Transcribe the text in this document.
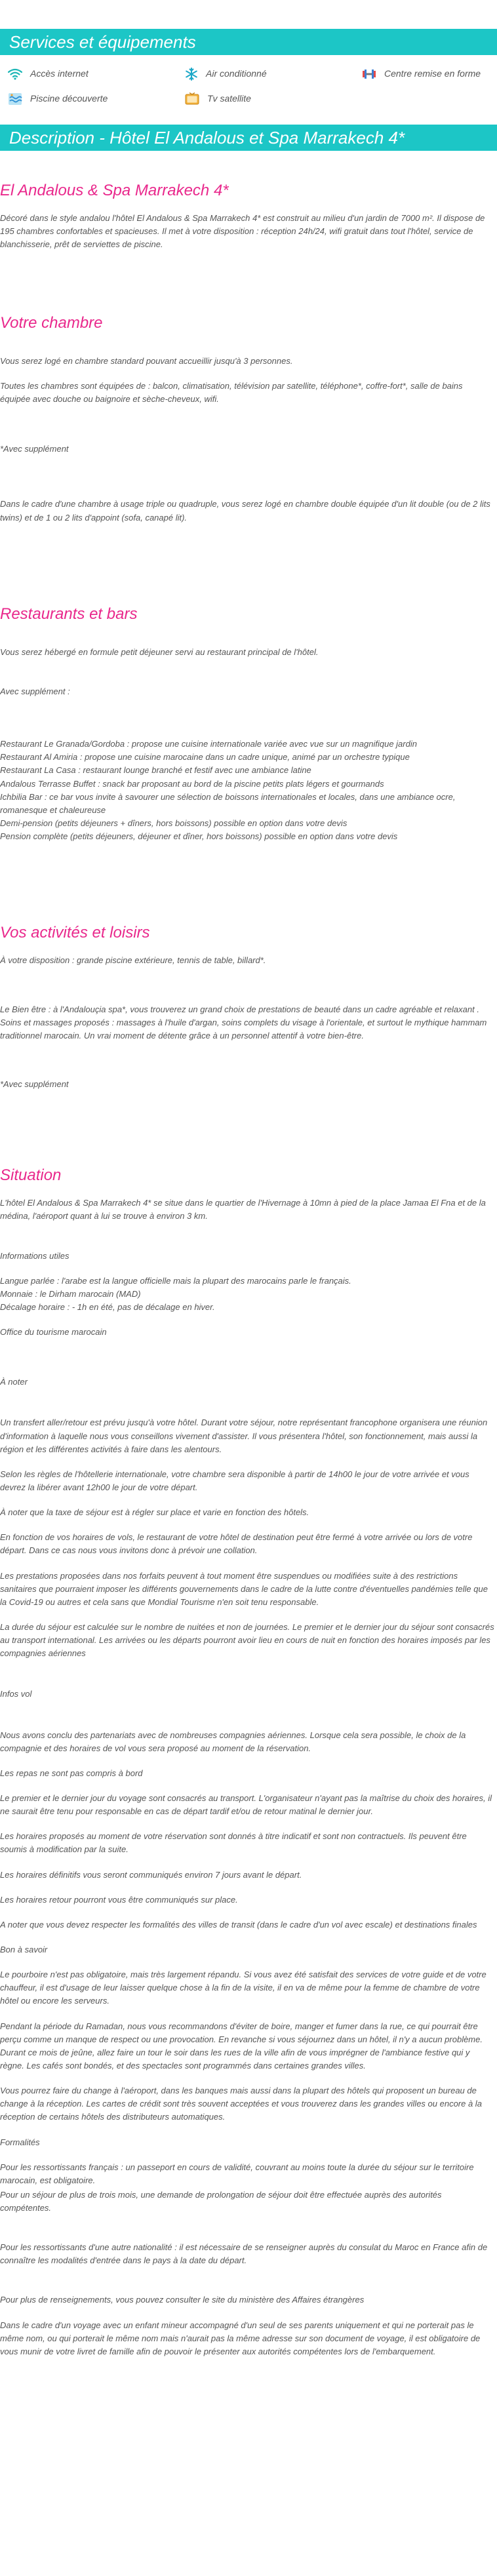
Services et équipements
Accès internet	Air conditionné	Centre remise en forme
Piscine découverte	Tv satellite
Description - Hôtel El Andalous et Spa Marrakech 4*
El Andalous & Spa Marrakech 4*

Décoré dans le style andalou l'hôtel El Andalous & Spa Marrakech 4* est construit au milieu d'un jardin de 7000 m². Il dispose de 195 chambres confortables et spacieuses. Il met à votre disposition : réception 24h/24, wifi gratuit dans tout l'hôtel, service de blanchisserie, prêt de serviettes de piscine.

Votre chambre

Vous serez logé en chambre standard pouvant accueillir jusqu'à 3 personnes.

Toutes les chambres sont équipées de : balcon, climatisation, télévision par satellite, téléphone*, coffre-fort*, salle de bains équipée avec douche ou baignoire et sèche-cheveux, wifi.

*Avec supplément

Dans le cadre d'une chambre à usage triple ou quadruple, vous serez logé en chambre double équipée d'un lit double (ou de 2 lits twins) et de 1 ou 2 lits d'appoint (sofa, canapé lit).

Restaurants et bars

Vous serez hébergé en formule petit déjeuner servi au restaurant principal de l'hôtel.

Avec supplément :

Restaurant Le Granada/Gordoba : propose une cuisine internationale variée avec vue sur un magnifique jardin

Restaurant Al Amiria : propose une cuisine marocaine dans un cadre unique, animé par un orchestre typique

Restaurant La Casa : restaurant lounge branché et festif avec une ambiance latine

Andalous Terrasse Buffet : snack bar proposant au bord de la piscine petits plats légers et gourmands

Ichbilia Bar : ce bar vous invite à savourer une sélection de boissons internationales et locales, dans une ambiance ocre, romanesque et chaleureuse

Demi-pension (petits déjeuners + dîners, hors boissons) possible en option dans votre devis

Pension complète (petits déjeuners, déjeuner et dîner, hors boissons) possible en option dans votre devis

Vos activités et loisirs

À votre disposition : grande piscine extérieure, tennis de table, billard*.

Le Bien être : à l'Andalouçia spa*, vous trouverez un grand choix de prestations de beauté dans un cadre agréable et relaxant . Soins et massages proposés : massages à l'huile d'argan, soins complets du visage à l'orientale, et surtout le mythique hammam traditionnel marocain. Un vrai moment de détente grâce à un personnel attentif à votre bien-être.

*Avec supplément

Situation

L'hôtel El Andalous & Spa Marrakech 4* se situe dans le quartier de l'Hivernage à 10mn à pied de la place Jamaa El Fna et de la médina, l'aéroport quant à lui se trouve à environ 3 km.

Informations utiles

Langue parlée : l'arabe est la langue officielle mais la plupart des marocains parle le français.

Monnaie : le Dirham marocain (MAD)

Décalage horaire : - 1h en été, pas de décalage en hiver.

Office du tourisme marocain

À noter

Un transfert aller/retour est prévu jusqu'à votre hôtel. Durant votre séjour, notre représentant francophone organisera une réunion d'information à laquelle nous vous conseillons vivement d'assister. Il vous présentera l'hôtel, son fonctionnement, mais aussi la région et les différentes activités à faire dans les alentours.

Selon les règles de l'hôtellerie internationale, votre chambre sera disponible à partir de 14h00 le jour de votre arrivée et vous devrez la libérer avant 12h00 le jour de votre départ.

À noter que la taxe de séjour est à régler sur place et varie en fonction des hôtels.

En fonction de vos horaires de vols, le restaurant de votre hôtel de destination peut être fermé à votre arrivée ou lors de votre départ. Dans ce cas nous vous invitons donc à prévoir une collation.

Les prestations proposées dans nos forfaits peuvent à tout moment être suspendues ou modifiées suite à des restrictions sanitaires que pourraient imposer les différents gouvernements dans le cadre de la lutte contre d'éventuelles pandémies telle que la Covid-19 ou autres et cela sans que Mondial Tourisme n'en soit tenu responsable.

La durée du séjour est calculée sur le nombre de nuitées et non de journées. Le premier et le dernier jour du séjour sont consacrés au transport international. Les arrivées ou les départs pourront avoir lieu en cours de nuit en fonction des horaires imposés par les compagnies aériennes

Infos vol

Nous avons conclu des partenariats avec de nombreuses compagnies aériennes. Lorsque cela sera possible, le choix de la compagnie et des horaires de vol vous sera proposé au moment de la réservation.

Les repas ne sont pas compris à bord

Le premier et le dernier jour du voyage sont consacrés au transport. L'organisateur n'ayant pas la maîtrise du choix des horaires, il ne saurait être tenu pour responsable en cas de départ tardif et/ou de retour matinal le dernier jour.

Les horaires proposés au moment de votre réservation sont donnés à titre indicatif et sont non contractuels. Ils peuvent être soumis à modification par la suite.

Les horaires définitifs vous seront communiqués environ 7 jours avant le départ.

Les horaires retour pourront vous être communiqués sur place.

A noter que vous devez respecter les formalités des villes de transit (dans le cadre d'un vol avec escale) et destinations finales

Bon à savoir

Le pourboire n'est pas obligatoire, mais très largement répandu. Si vous avez été satisfait des services de votre guide et de votre chauffeur, il est d'usage de leur laisser quelque chose à la fin de la visite, il en va de même pour la femme de chambre de votre hôtel ou encore les serveurs.

Pendant la période du Ramadan, nous vous recommandons d'éviter de boire, manger et fumer dans la rue, ce qui pourrait être perçu comme un manque de respect ou une provocation. En revanche si vous séjournez dans un hôtel, il n'y a aucun problème. Durant ce mois de jeûne, allez faire un tour le soir dans les rues de la ville afin de vous imprégner de l'ambiance festive qui y règne. Les cafés sont bondés, et des spectacles sont programmés dans certaines grandes villes.

Vous pourrez faire du change à l'aéroport, dans les banques mais aussi dans la plupart des hôtels qui proposent un bureau de change à la réception. Les cartes de crédit sont très souvent acceptées et vous trouverez dans les grandes villes ou encore à la réception de certains hôtels des distributeurs automatiques.

Formalités

Pour les ressortissants français : un passeport en cours de validité, couvrant au moins toute la durée du séjour sur le territoire marocain, est obligatoire.

Pour un séjour de plus de trois mois, une demande de prolongation de séjour doit être effectuée auprès des autorités compétentes.

Pour les ressortissants d'une autre nationalité : il est nécessaire de se renseigner auprès du consulat du Maroc en France afin de connaître les modalités d'entrée dans le pays à la date du départ.

Pour plus de renseignements, vous pouvez consulter le site du ministère des Affaires étrangères

Dans le cadre d'un voyage avec un enfant mineur accompagné d'un seul de ses parents uniquement et qui ne porterait pas le même nom, ou qui porterait le même nom mais n'aurait pas la même adresse sur son document de voyage, il est obligatoire de vous munir de votre livret de famille afin de pouvoir le présenter aux autorités compétentes lors de l'embarquement.
